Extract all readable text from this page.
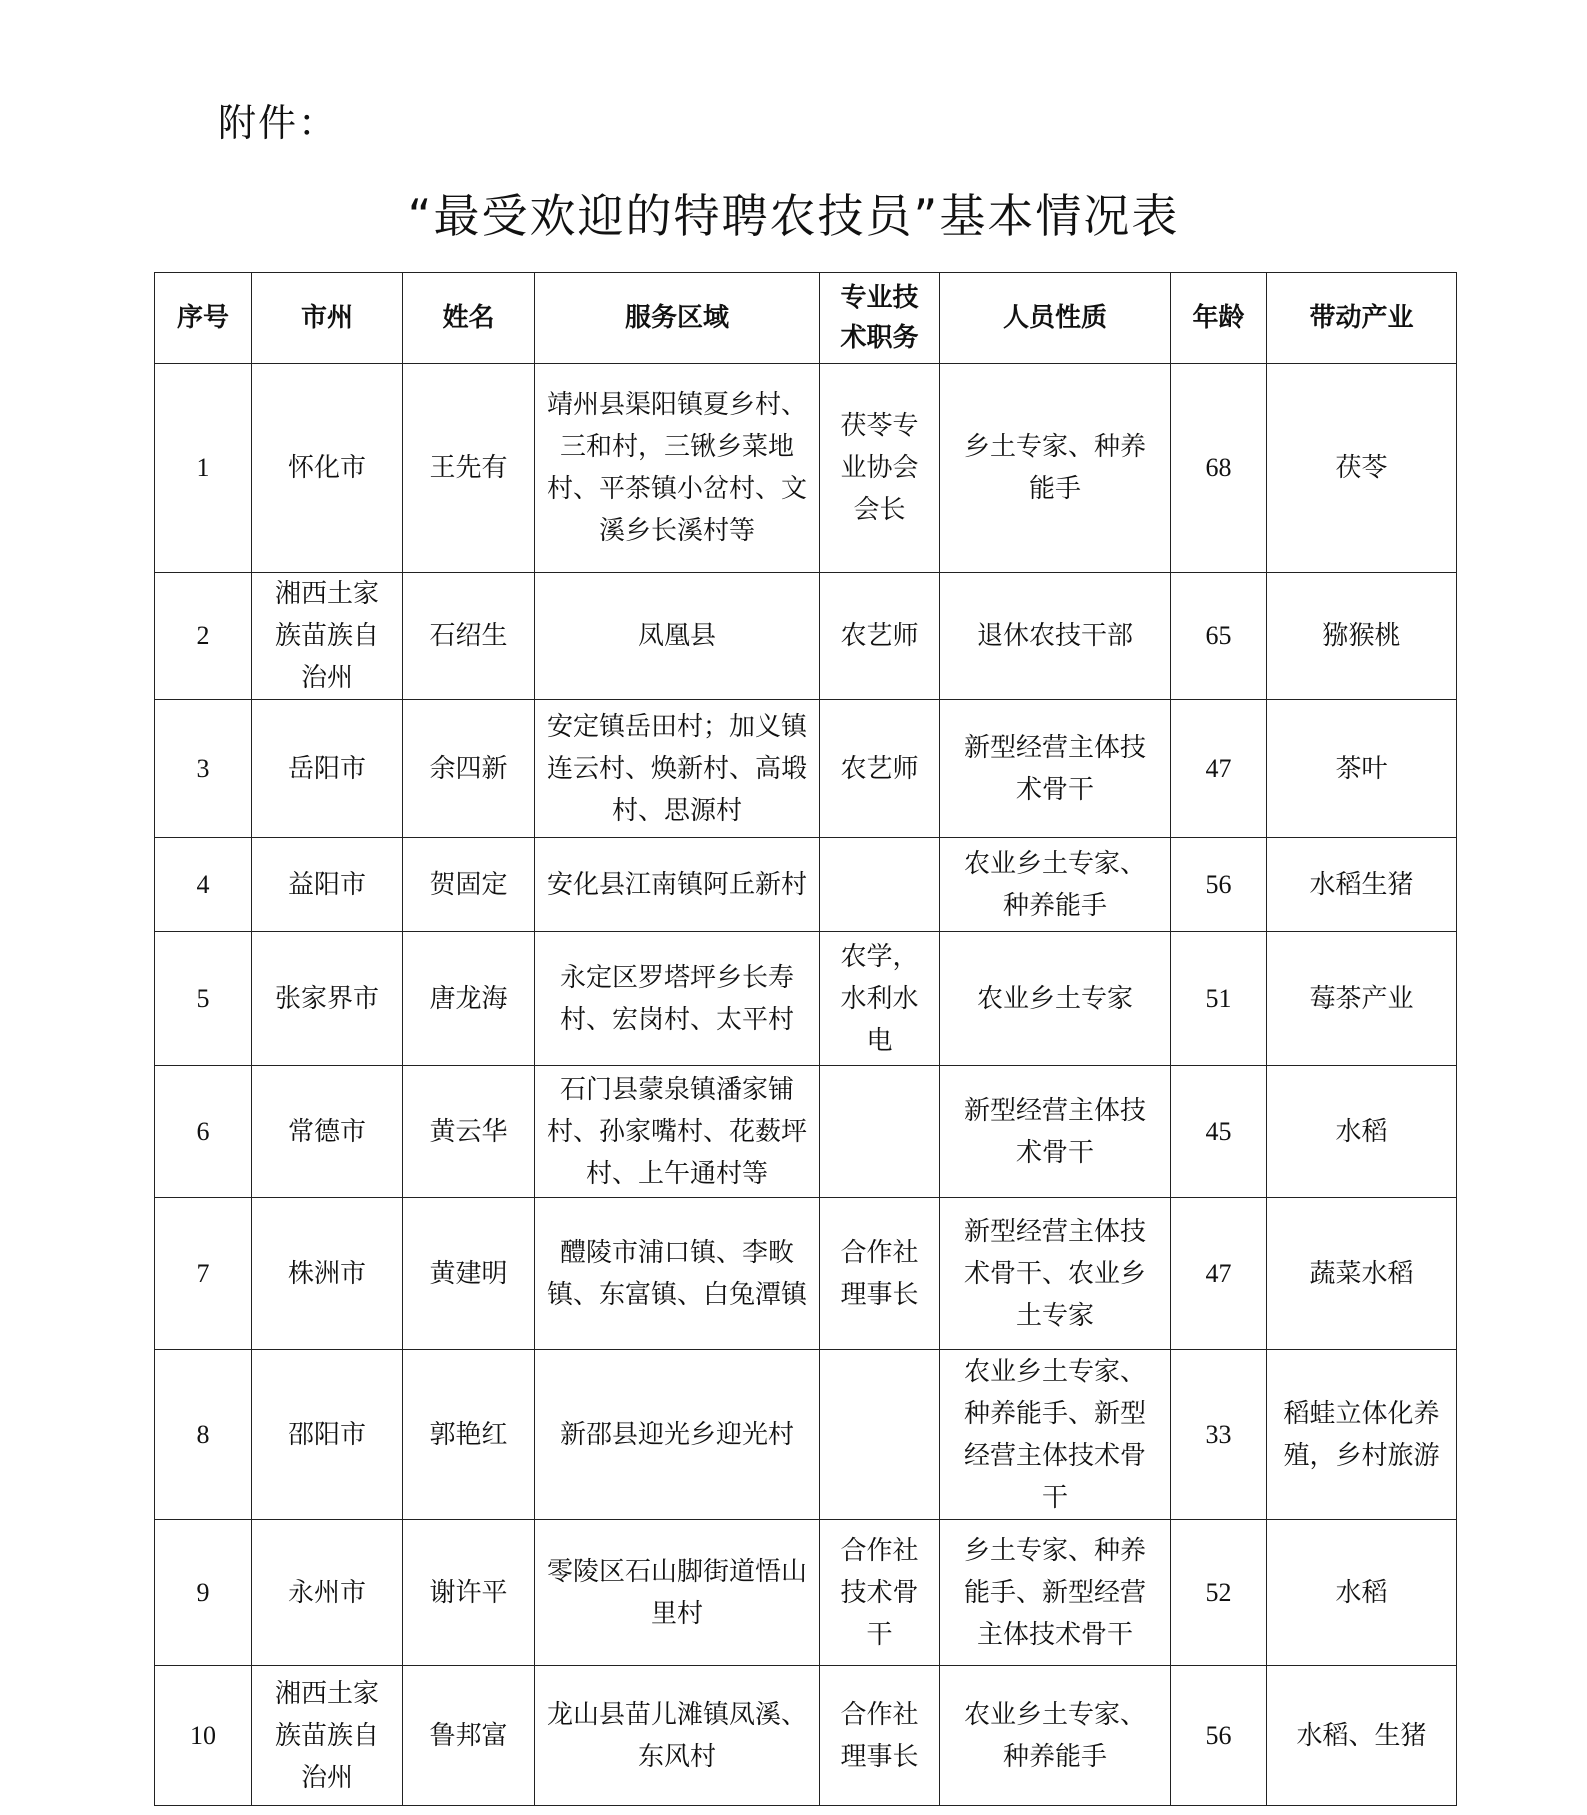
附件：
“最受欢迎的特聘农技员”基本情况表
序号	市州	姓名	服务区域	专业技术职务	人员性质	年龄	带动产业
1	怀化市	王先有	靖州县渠阳镇夏乡村、三和村，三锹乡菜地村、平茶镇小岔村、文溪乡长溪村等	茯苓专业协会会长	乡土专家、种养能手	68	茯苓
2	湘西土家族苗族自治州	石绍生	凤凰县	农艺师	退休农技干部	65	猕猴桃
3	岳阳市	余四新	安定镇岳田村；加义镇连云村、焕新村、高塅村、思源村	农艺师	新型经营主体技术骨干	47	茶叶
4	益阳市	贺固定	安化县江南镇阿丘新村		农业乡土专家、种养能手	56	水稻生猪
5	张家界市	唐龙海	永定区罗塔坪乡长寿村、宏岗村、太平村	农学，水利水电	农业乡土专家	51	莓茶产业
6	常德市	黄云华	石门县蒙泉镇潘家铺村、孙家嘴村、花薮坪村、上午通村等		新型经营主体技术骨干	45	水稻
7	株洲市	黄建明	醴陵市浦口镇、李畋镇、东富镇、白兔潭镇	合作社理事长	新型经营主体技术骨干、农业乡土专家	47	蔬菜水稻
8	邵阳市	郭艳红	新邵县迎光乡迎光村		农业乡土专家、种养能手、新型经营主体技术骨干	33	稻蛙立体化养殖，乡村旅游
9	永州市	谢许平	零陵区石山脚街道悟山里村	合作社技术骨干	乡土专家、种养能手、新型经营主体技术骨干	52	水稻
10	湘西土家族苗族自治州	鲁邦富	龙山县苗儿滩镇凤溪、东风村	合作社理事长	农业乡土专家、种养能手	56	水稻、生猪
